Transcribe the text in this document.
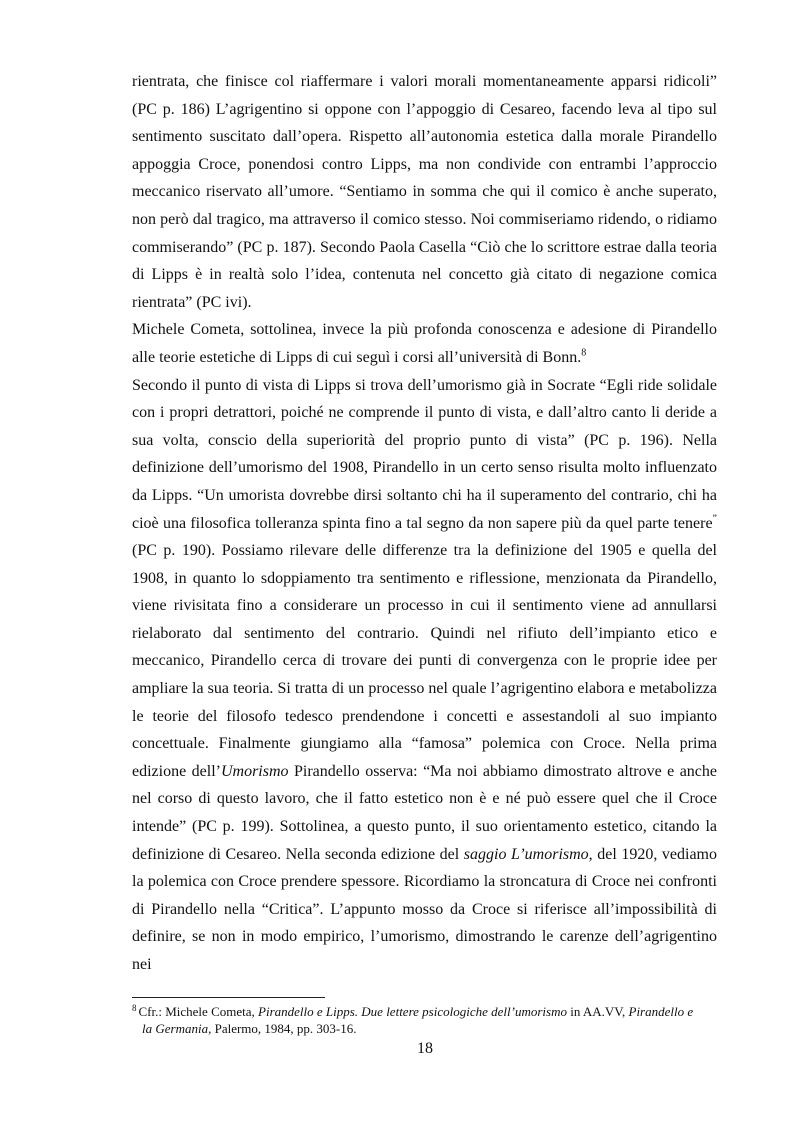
rientrata, che finisce col riaffermare i valori morali momentaneamente apparsi ridicoli” (PC p. 186) L’agrigentino si oppone con l’appoggio di Cesareo, facendo leva al tipo sul sentimento suscitato dall’opera. Rispetto all’autonomia estetica dalla morale Pirandello appoggia Croce, ponendosi contro Lipps, ma non condivide con entrambi l’approccio meccanico riservato all’umore. “Sentiamo in somma che qui il comico è anche superato, non però dal tragico, ma attraverso il comico stesso. Noi commiseriamo ridendo, o ridiamo commiserando” (PC p. 187). Secondo Paola Casella “Ciò che lo scrittore estrae dalla teoria di Lipps è in realtà solo l’idea, contenuta nel concetto già citato di negazione comica rientrata” (PC ivi).

Michele Cometa, sottolinea, invece la più profonda conoscenza e adesione di Pirandello alle teorie estetiche di Lipps di cui seguì i corsi all’università di Bonn.$^8$

Secondo il punto di vista di Lipps si trova dell’umorismo già in Socrate “Egli ride solidale con i propri detrattori, poiché ne comprende il punto di vista, e dall’altro canto li deride a sua volta, conscio della superiorità del proprio punto di vista” (PC p. 196). Nella definizione dell’umorismo del 1908, Pirandello in un certo senso risulta molto influenzato da Lipps. “Un umorista dovrebbe dirsi soltanto chi ha il superamento del contrario, chi ha cioè una filosofica tolleranza spinta fino a tal segno da non sapere più da quel parte tenere” (PC p. 190). Possiamo rilevare delle differenze tra la definizione del 1905 e quella del 1908, in quanto lo sdoppiamento tra sentimento e riflessione, menzionata da Pirandello, viene rivisitata fino a considerare un processo in cui il sentimento viene ad annullarsi rielaborato dal sentimento del contrario. Quindi nel rifiuto dell’impianto etico e meccanico, Pirandello cerca di trovare dei punti di convergenza con le proprie idee per ampliare la sua teoria. Si tratta di un processo nel quale l’agrigentino elabora e metabolizza le teorie del filosofo tedesco prendendone i concetti e assestandoli al suo impianto concettuale. Finalmente giungiamo alla “famosa” polemica con Croce. Nella prima edizione dell’Umorismo Pirandello osserva: “Ma noi abbiamo dimostrato altrove e anche nel corso di questo lavoro, che il fatto estetico non è e né può essere quel che il Croce intende” (PC p. 199). Sottolinea, a questo punto, il suo orientamento estetico, citando la definizione di Cesareo. Nella seconda edizione del saggio L’umorismo, del 1920, vediamo la polemica con Croce prendere spessore. Ricordiamo la stroncatura di Croce nei confronti di Pirandello nella “Critica”. L’appunto mosso da Croce si riferisce all’impossibilità di definire, se non in modo empirico, l’umorismo, dimostrando le carenze dell’agrigentino nei

$^8$ Cfr.: Michele Cometa, Pirandello e Lipps. Due lettere psicologiche dell’umorismo in AA.VV, Pirandello e
la Germania, Palermo, 1984, pp. 303-16.
18
